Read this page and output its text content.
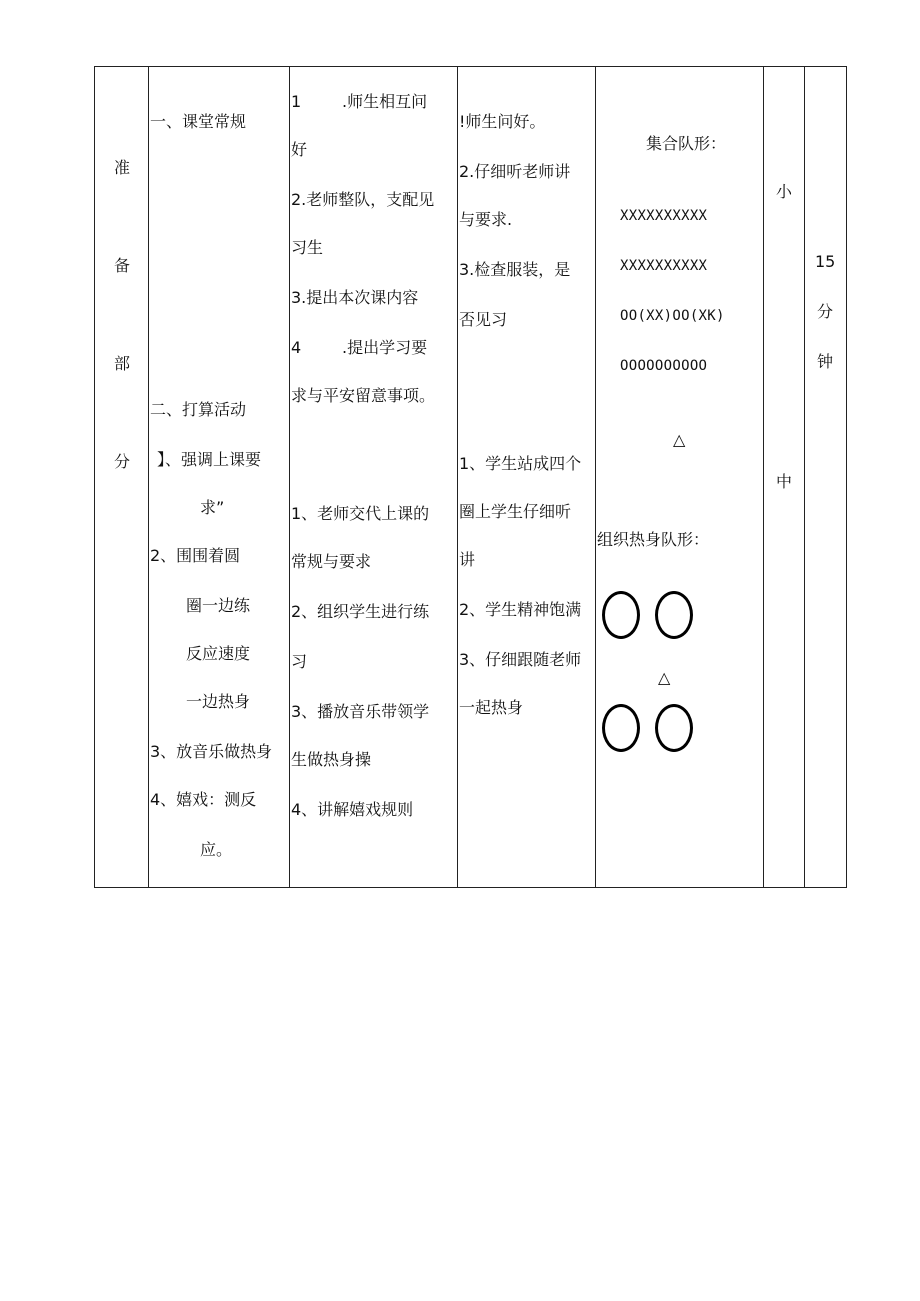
准
备
部
分
一、课堂常规
二、打算活动
】、强调上课要
求”
2、围围着圆
圈一边练
反应速度
一边热身
3、放音乐做热身
4、嬉戏：测反
应。
1	.师生相互问
好
2.老师整队，支配见
习生
3.提出本次课内容
4	.提出学习要
求与平安留意事项。
1、老师交代上课的
常规与要求
2、组织学生进行练
习
3、播放音乐带领学
生做热身操
4、讲解嬉戏规则
!师生问好。
2.仔细听老师讲
与要求.
3.检查服装，是
否见习
1、学生站成四个
圈上学生仔细听
讲
2、学生精神饱满
3、仔细跟随老师
一起热身
集合队形：
XXXXXXXXXX
XXXXXXXXXX
OO(XX)OO(XK)
OOOOOOOOOO
△
组织热身队形：
△
小
中
15
分
钟
